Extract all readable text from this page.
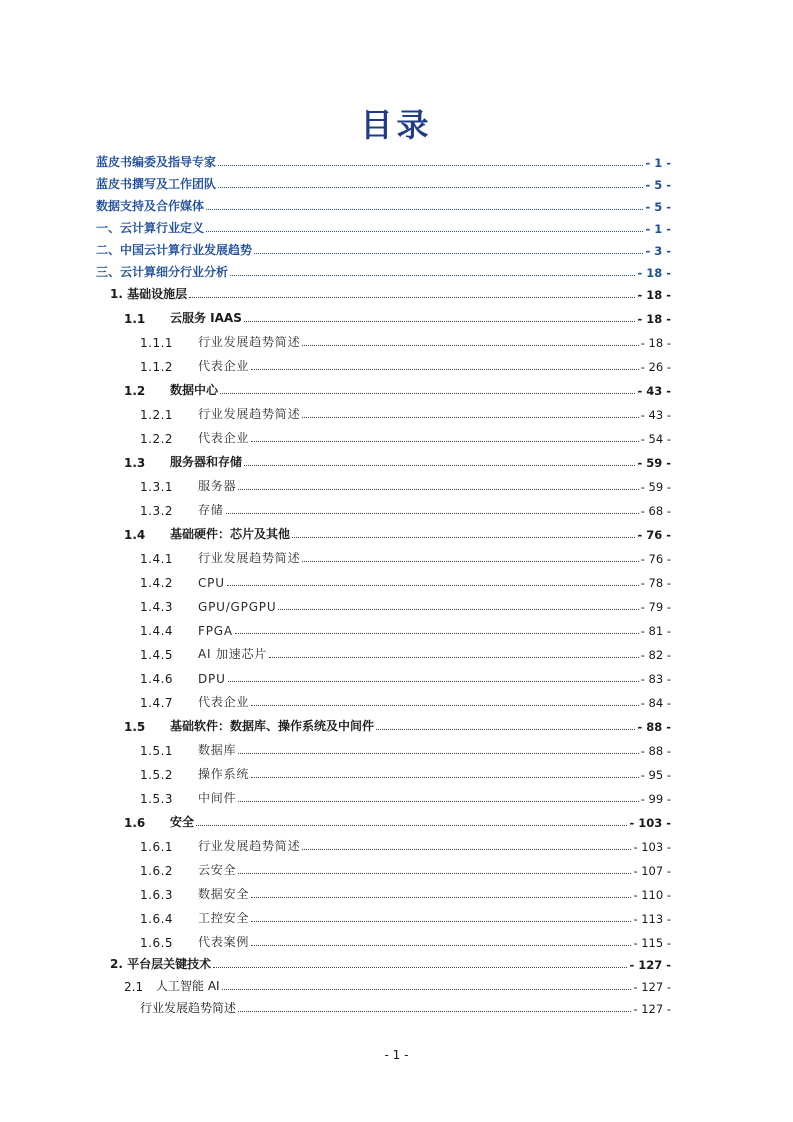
目录
蓝皮书编委及指导专家	- 1 -
蓝皮书撰写及工作团队	- 5 -
数据支持及合作媒体	- 5 -
一、云计算行业定义	- 1 -
二、中国云计算行业发展趋势	- 3 -
三、云计算细分行业分析	- 18 -
1. 基础设施层	- 18 -
1.1	云服务 IAAS	- 18 -
1.1.1	行业发展趋势简述	- 18 -
1.1.2	代表企业	- 26 -
1.2	数据中心	- 43 -
1.2.1	行业发展趋势简述	- 43 -
1.2.2	代表企业	- 54 -
1.3	服务器和存储	- 59 -
1.3.1	服务器	- 59 -
1.3.2	存储	- 68 -
1.4	基础硬件：芯片及其他	- 76 -
1.4.1	行业发展趋势简述	- 76 -
1.4.2	CPU	- 78 -
1.4.3	GPU/GPGPU	- 79 -
1.4.4	FPGA	- 81 -
1.4.5	AI 加速芯片	- 82 -
1.4.6	DPU	- 83 -
1.4.7	代表企业	- 84 -
1.5	基础软件：数据库、操作系统及中间件	- 88 -
1.5.1	数据库	- 88 -
1.5.2	操作系统	- 95 -
1.5.3	中间件	- 99 -
1.6	安全	- 103 -
1.6.1	行业发展趋势简述	- 103 -
1.6.2	云安全	- 107 -
1.6.3	数据安全	- 110 -
1.6.4	工控安全	- 113 -
1.6.5	代表案例	- 115 -
2. 平台层关键技术	- 127 -
2.1	人工智能 AI	- 127 -
行业发展趋势简述	- 127 -
- 1 -
